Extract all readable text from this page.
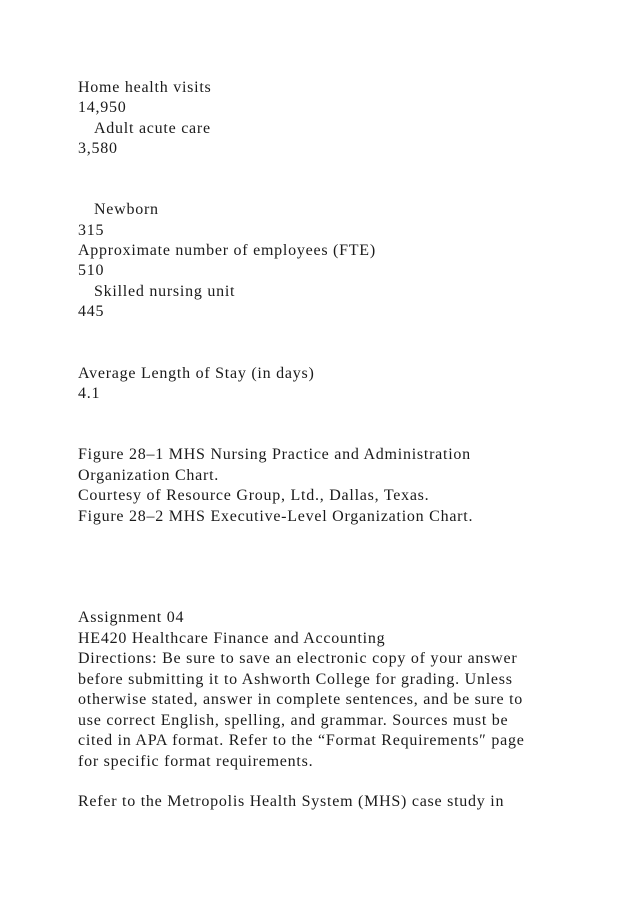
Home health visits

14,950

Adult acute care

3,580

Newborn

315

Approximate number of employees (FTE)

510

Skilled nursing unit

445

Average Length of Stay (in days)

4.1

Figure 28–1 MHS Nursing Practice and Administration

Organization Chart.

Courtesy of Resource Group, Ltd., Dallas, Texas.

Figure 28–2 MHS Executive-Level Organization Chart.

Assignment 04

HE420 Healthcare Finance and Accounting

Directions: Be sure to save an electronic copy of your answer

before submitting it to Ashworth College for grading. Unless

otherwise stated, answer in complete sentences, and be sure to

use correct English, spelling, and grammar. Sources must be

cited in APA format. Refer to the “Format Requirements″ page

for specific format requirements.

Refer to the Metropolis Health System (MHS) case study in
